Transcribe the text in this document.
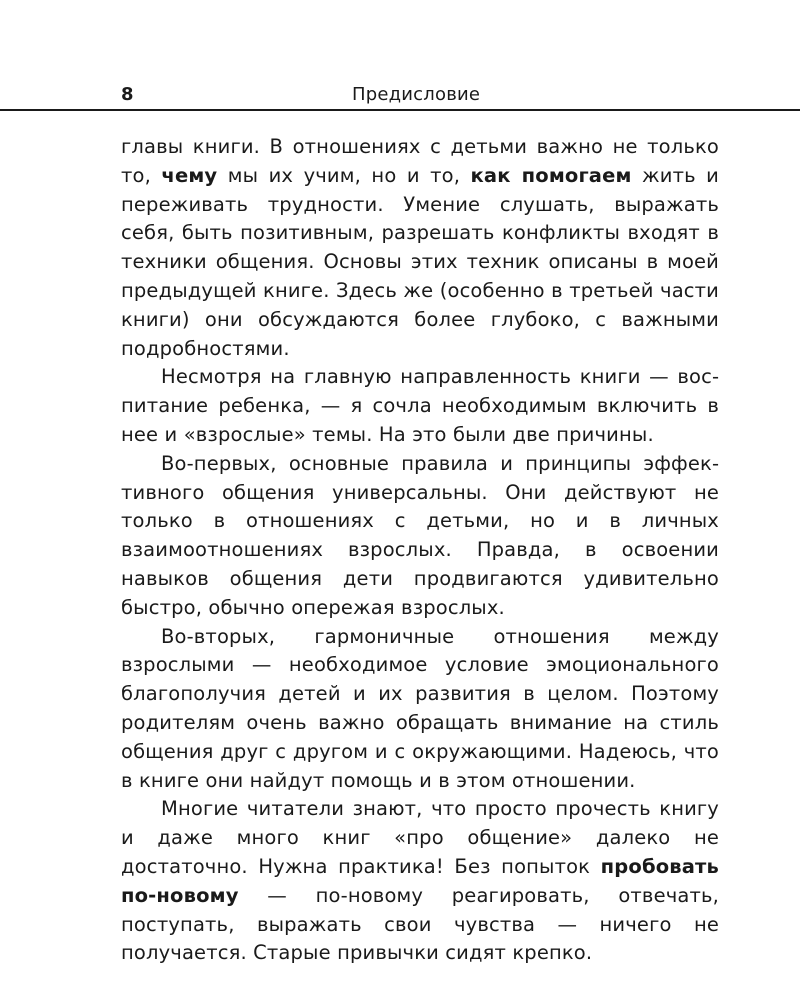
8	Предисловие

главы книги. В отношениях с детьми важно не только то, чему мы их учим, но и то, как помогаем жить и переживать трудности. Умение слушать, выражать себя, быть позитивным, разрешать конфликты входят в техники общения. Основы этих техник описаны в моей предыдущей книге. Здесь же (особенно в третьей части книги) они обсуждаются более глубоко, с важными подробностями.

Несмотря на главную направленность книги — воспитание ребенка, — я сочла необходимым включить в нее и «взрослые» темы. На это были две причины.

Во-первых, основные правила и принципы эффективного общения универсальны. Они действуют не только в отношениях с детьми, но и в личных взаимоотношениях взрослых. Правда, в освоении навыков общения дети продвигаются удивительно быстро, обычно опережая взрослых.

Во-вторых, гармоничные отношения между взрослыми — необходимое условие эмоционального благополучия детей и их развития в целом. Поэтому родителям очень важно обращать внимание на стиль общения друг с другом и с окружающими. Надеюсь, что в книге они найдут помощь и в этом отношении.

Многие читатели знают, что просто прочесть книгу и даже много книг «про общение» далеко не достаточно. Нужна практика! Без попыток пробовать по-новому — по-новому реагировать, отвечать, поступать, выражать свои чувства — ничего не получается. Старые привычки сидят крепко.
